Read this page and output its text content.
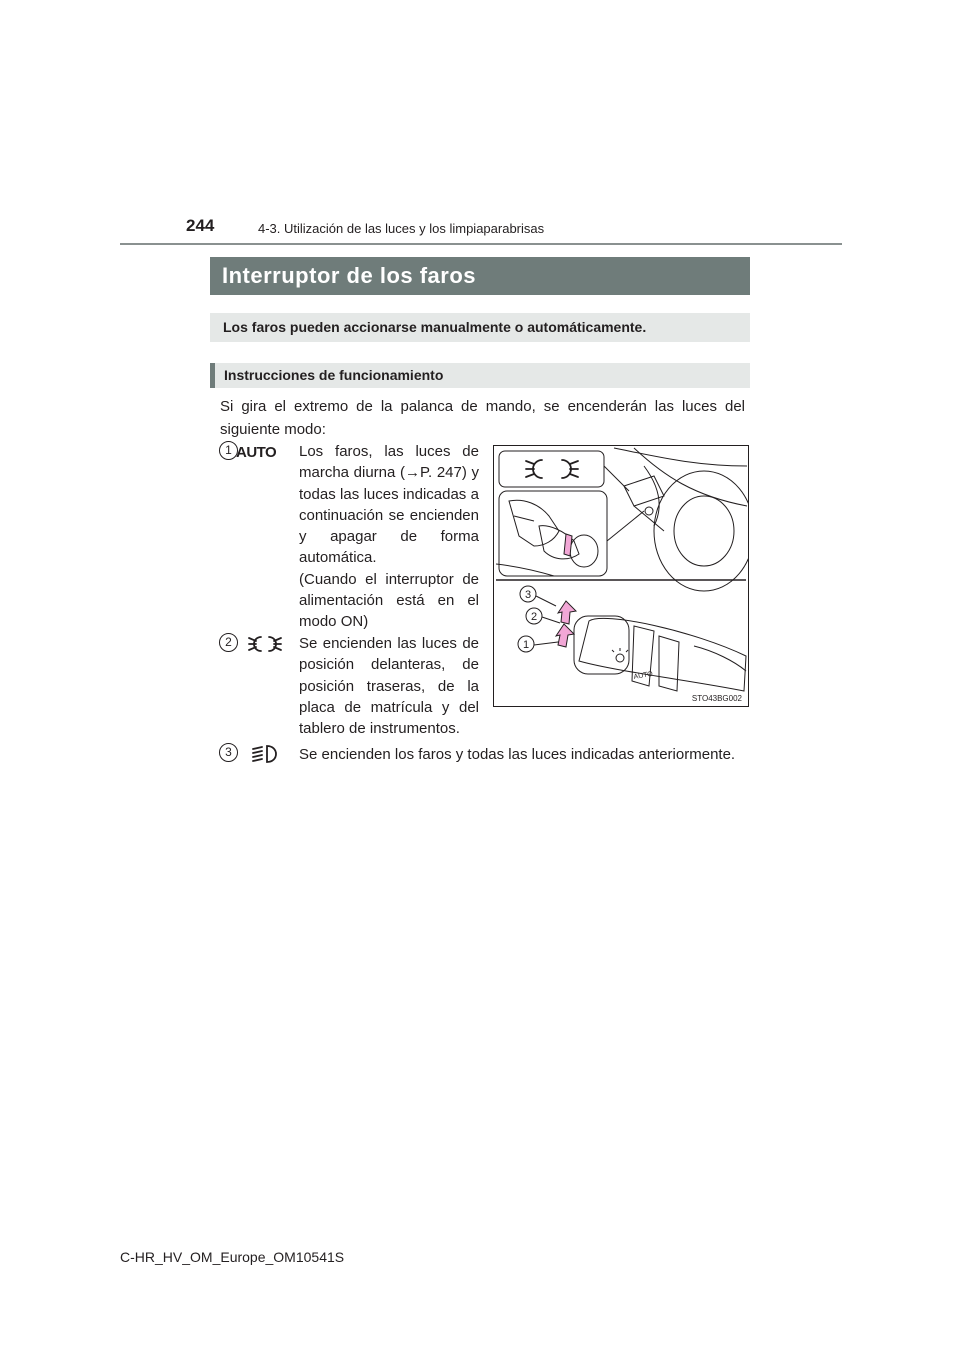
244	4-3. Utilización de las luces y los limpiaparabrisas
Interruptor de los faros
Los faros pueden accionarse manualmente o automáticamente.
Instrucciones de funcionamiento
Si gira el extremo de la palanca de mando, se encenderán las luces del siguiente modo:
1 AUTO Los faros, las luces de marcha diurna (→P. 247) y todas las luces indicadas a continuación se encienden y apagar de forma automática.
(Cuando el interruptor de alimentación está en el modo ON)
2	Se encienden las luces de posición delanteras, de posición traseras, de la placa de matrícula y del tablero de instrumentos.
3	Se encienden los faros y todas las luces indicadas anteriormente.
3
2
1
AUTO
STO43BG002
C-HR_HV_OM_Europe_OM10541S
